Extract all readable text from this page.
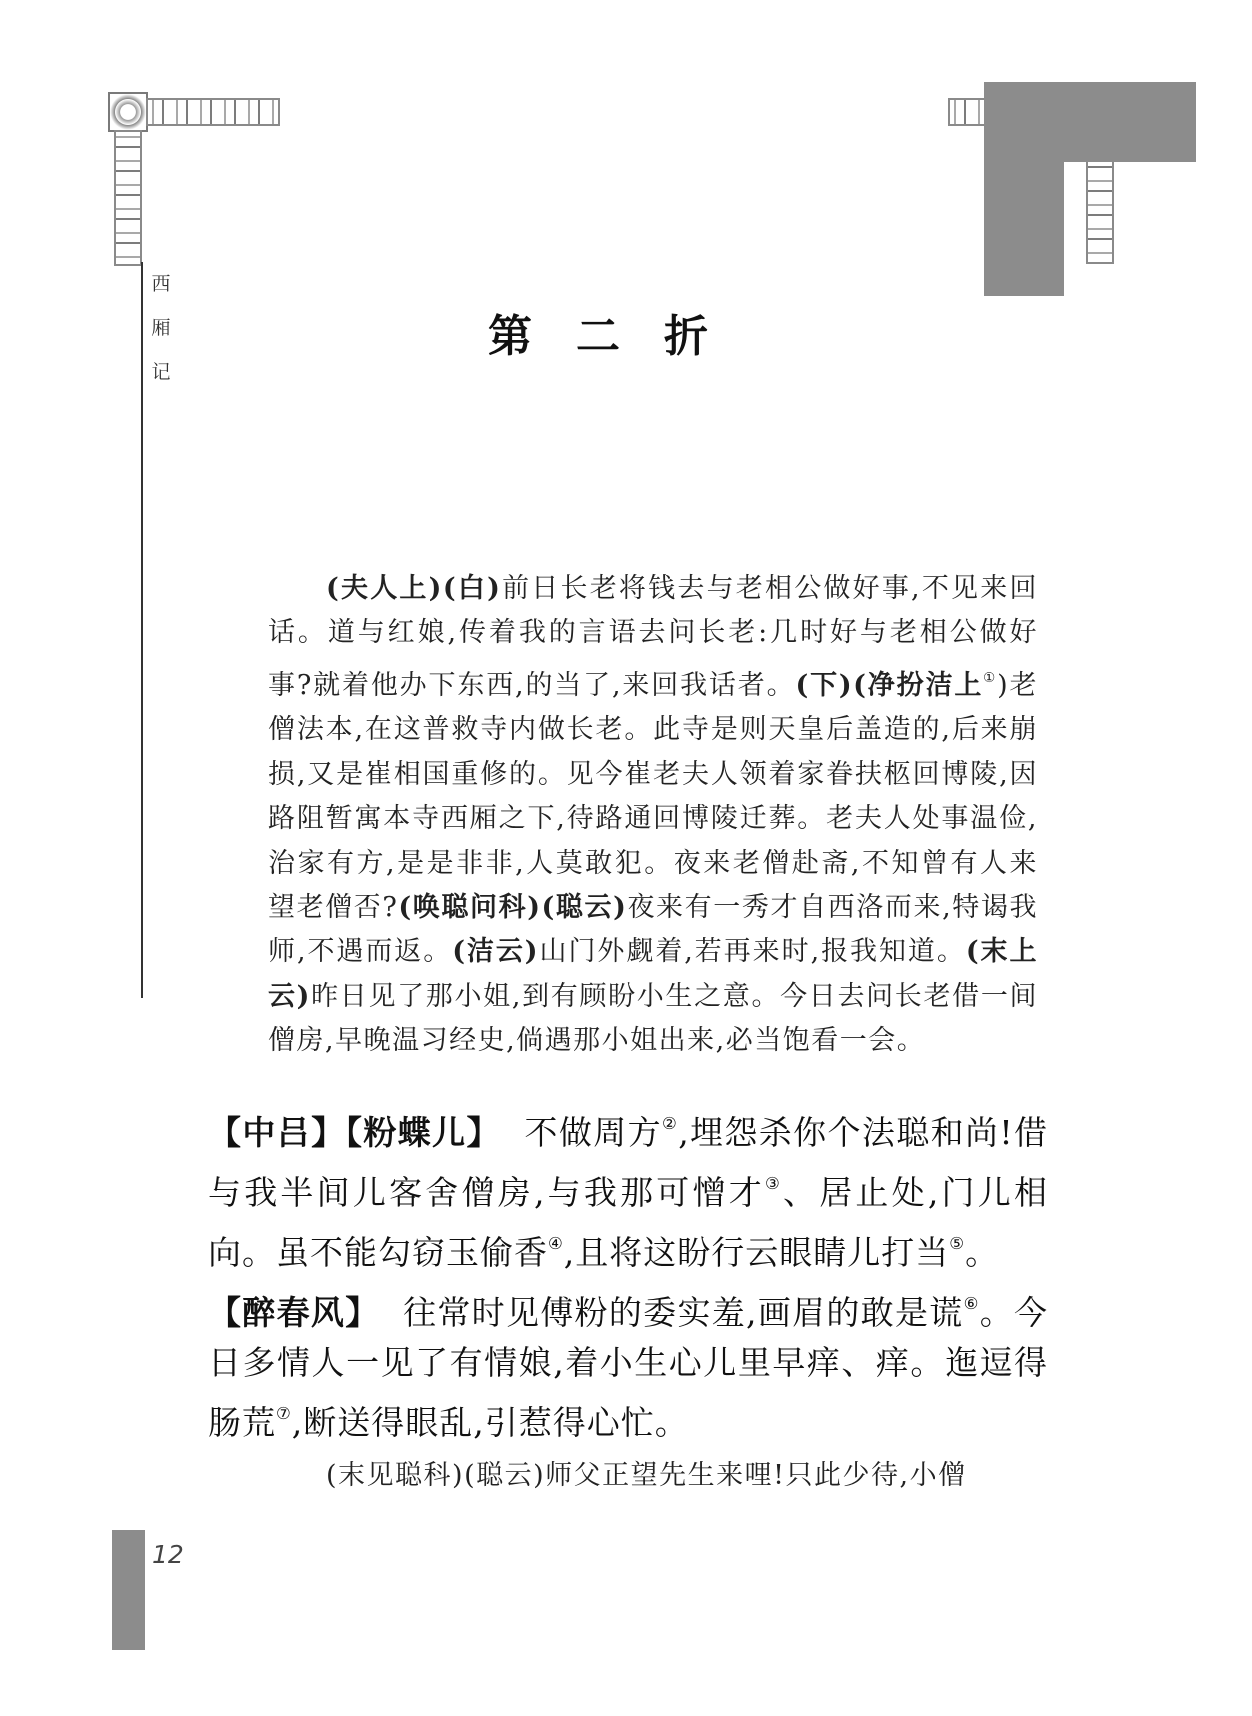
西
厢
记
第二折
(夫人上)(白)前日长老将钱去与老相公做好事,不见来回话。道与红娘,传着我的言语去问长老:几时好与老相公做好事?就着他办下东西,的当了,来回我话者。(下)(净扮洁上①)老僧法本,在这普救寺内做长老。此寺是则天皇后盖造的,后来崩损,又是崔相国重修的。见今崔老夫人领着家眷扶柩回博陵,因路阻暂寓本寺西厢之下,待路通回博陵迁葬。老夫人处事温俭,治家有方,是是非非,人莫敢犯。夜来老僧赴斋,不知曾有人来望老僧否?(唤聪问科)(聪云)夜来有一秀才自西洛而来,特谒我师,不遇而返。(洁云)山门外觑着,若再来时,报我知道。(末上云)昨日见了那小姐,到有顾盼小生之意。今日去问长老借一间僧房,早晚温习经史,倘遇那小姐出来,必当饱看一会。

【中吕】【粉蝶儿】 不做周方②,埋怨杀你个法聪和尚!借与我半间儿客舍僧房,与我那可憎才③、居止处,门儿相向。虽不能勾窃玉偷香④,且将这盼行云眼睛儿打当⑤。

【醉春风】 往常时见傅粉的委实羞,画眉的敢是谎⑥。今日多情人一见了有情娘,着小生心儿里早痒、痒。迤逗得肠荒⑦,断送得眼乱,引惹得心忙。

(末见聪科)(聪云)师父正望先生来哩!只此少待,小僧
12
